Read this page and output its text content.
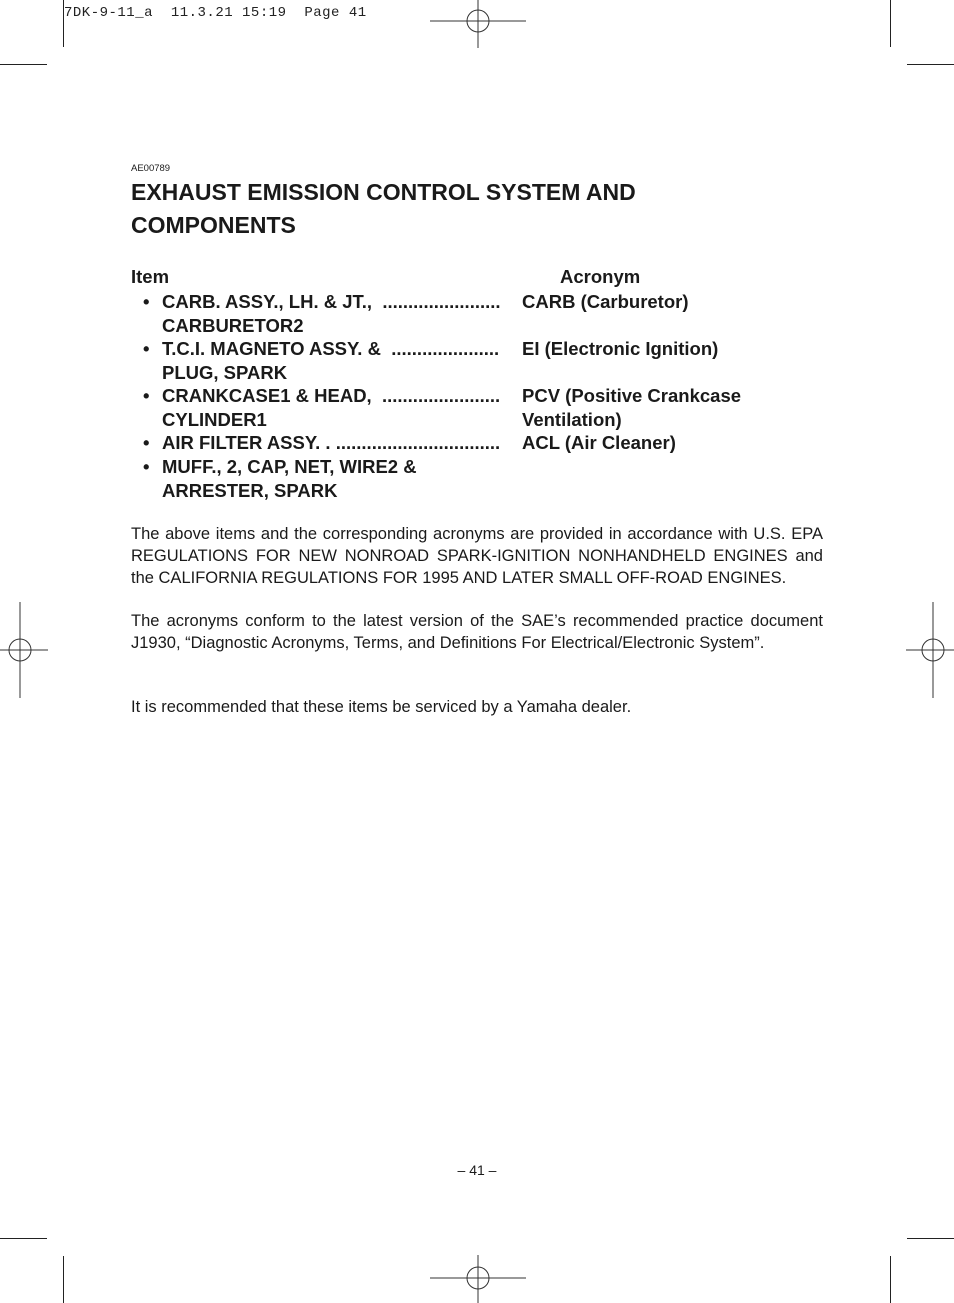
7DK-9-11_a  11.3.21 15:19  Page 41
AE00789
EXHAUST EMISSION CONTROL SYSTEM AND COMPONENTS
Item	Acronym
• CARB. ASSY., LH. & JT.,  .......................
CARBURETOR2
CARB (Carburetor)
• T.C.I. MAGNETO ASSY. &  .....................
PLUG, SPARK
EI (Electronic Ignition)
• CRANKCASE1 & HEAD,  .......................
CYLINDER1
PCV (Positive Crankcase
Ventilation)
• AIR FILTER ASSY. . ................................ ACL (Air Cleaner)
• MUFF., 2, CAP, NET, WIRE2 &
ARRESTER, SPARK

The above items and the corresponding acronyms are provided in accordance with U.S. EPA REGULATIONS FOR NEW NONROAD SPARK-IGNITION NONHANDHELD ENGINES and the CALIFORNIA REGULATIONS FOR 1995 AND LATER SMALL OFF-ROAD ENGINES.

The acronyms conform to the latest version of the SAE’s recommended practice document J1930, “Diagnostic Acronyms, Terms, and Definitions For Electrical/Electronic System”.

It is recommended that these items be serviced by a Yamaha dealer.

– 41 –
